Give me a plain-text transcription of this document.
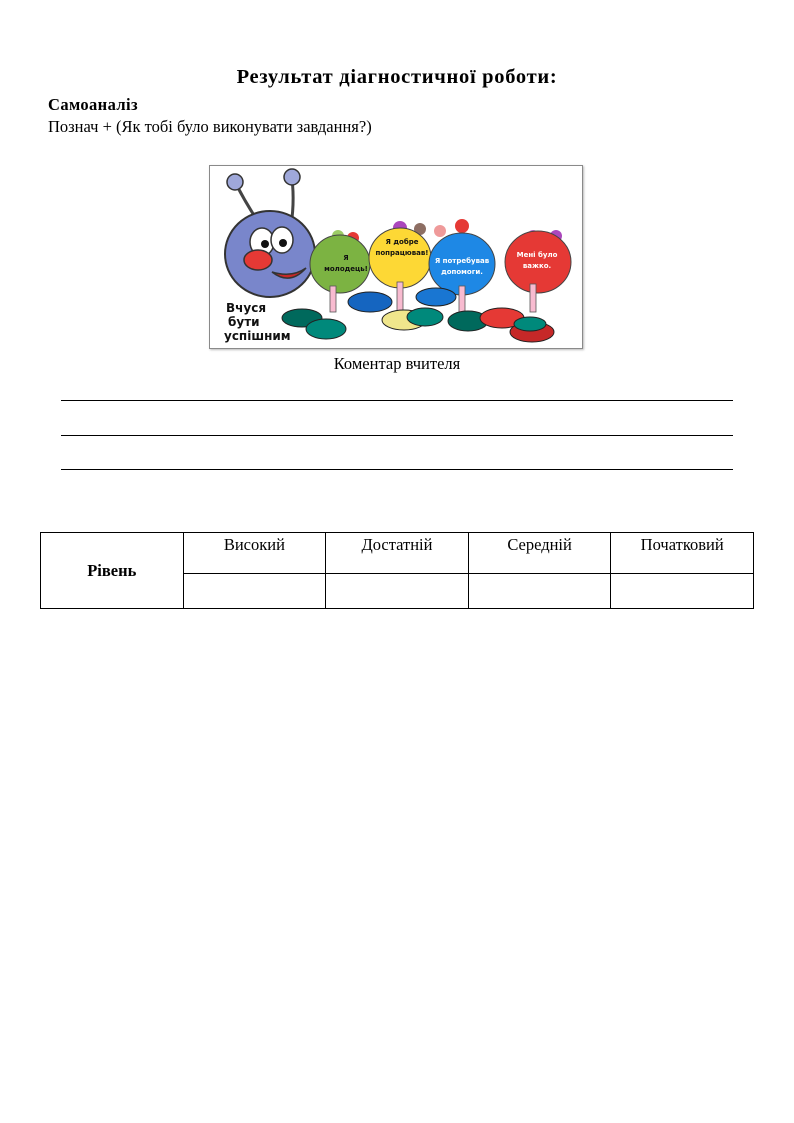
Результат діагностичної роботи:
Самоаналіз
Познач + (Як тобі було виконувати завдання?)
Я
молодець!
Я добре
попрацював!
Я потребував
допомоги.
Мені було
важко.
Вчуся
бути
успішним
Коментар вчителя
Рівень	Високий	Достатній	Середній	Початковий
